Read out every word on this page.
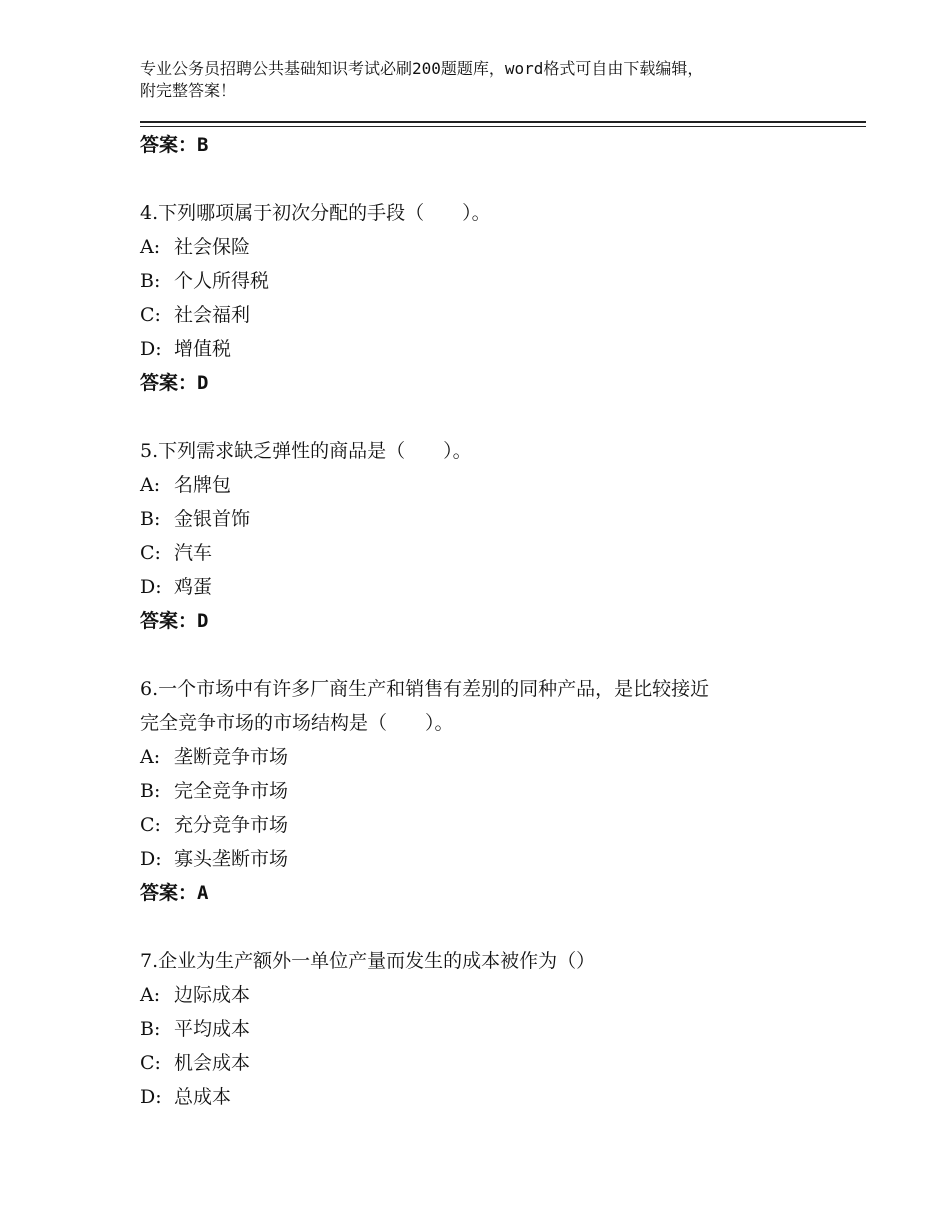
专业公务员招聘公共基础知识考试必刷200题题库，word格式可自由下载编辑，
附完整答案！
答案：B
4.下列哪项属于初次分配的手段（　　）。
A: 社会保险
B: 个人所得税
C: 社会福利
D: 增值税
答案：D
5.下列需求缺乏弹性的商品是（　　）。
A: 名牌包
B: 金银首饰
C: 汽车
D: 鸡蛋
答案：D
6.一个市场中有许多厂商生产和销售有差别的同种产品，是比较接近
完全竞争市场的市场结构是（　　）。
A: 垄断竞争市场
B: 完全竞争市场
C: 充分竞争市场
D: 寡头垄断市场
答案：A
7.企业为生产额外一单位产量而发生的成本被作为（）
A: 边际成本
B: 平均成本
C: 机会成本
D: 总成本
